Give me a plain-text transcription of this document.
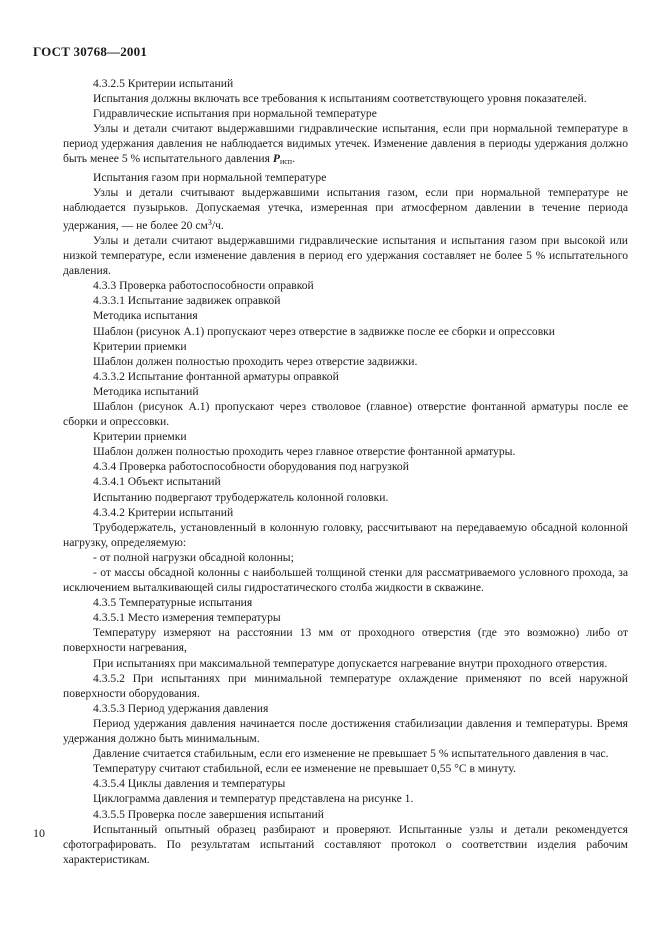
ГОСТ 30768—2001

4.3.2.5 Критерии испытаний

Испытания должны включать все требования к испытаниям соответствующего уровня показателей.

Гидравлические испытания при нормальной температуре

Узлы и детали считают выдержавшими гидравлические испытания, если при нормальной температуре в период удержания давления не наблюдается видимых утечек. Изменение давления в периоды удержания должно быть менее 5 % испытательного давления $P_{исп}$.

Испытания газом при нормальной температуре

Узлы и детали считывают выдержавшими испытания газом, если при нормальной температуре не наблюдается пузырьков. Допускаемая утечка, измеренная при атмосферном давлении в течение периода удержания, — не более 20 $см^3/ч$.

Узлы и детали считают выдержавшими гидравлические испытания и испытания газом при высокой или низкой температуре, если изменение давления в период его удержания составляет не более 5 % испытательного давления.

4.3.3 Проверка работоспособности оправкой

4.3.3.1 Испытание задвижек оправкой

Методика испытания

Шаблон (рисунок А.1) пропускают через отверстие в задвижке после ее сборки и опрессовки

Критерии приемки

Шаблон должен полностью проходить через отверстие задвижки.

4.3.3.2 Испытание фонтанной арматуры оправкой

Методика испытаний

Шаблон (рисунок А.1) пропускают через стволовое (главное) отверстие фонтанной арматуры после ее сборки и опрессовки.

Критерии приемки

Шаблон должен полностью проходить через главное отверстие фонтанной арматуры.

4.3.4 Проверка работоспособности оборудования под нагрузкой

4.3.4.1 Объект испытаний

Испытанию подвергают трубодержатель колонной головки.

4.3.4.2 Критерии испытаний

Трубодержатель, установленный в колонную головку, рассчитывают на передаваемую обсадной колонной нагрузку, определяемую:

- от полной нагрузки обсадной колонны;

- от массы обсадной колонны с наибольшей толщиной стенки для рассматриваемого условного прохода, за исключением выталкивающей силы гидростатического столба жидкости в скважине.

4.3.5 Температурные испытания

4.3.5.1 Место измерения температуры

Температуру измеряют на расстоянии 13 мм от проходного отверстия (где это возможно) либо от поверхности нагревания,

При испытаниях при максимальной температуре допускается нагревание внутри проходного отверстия.

4.3.5.2 При испытаниях при минимальной температуре охлаждение применяют по всей наружной поверхности оборудования.

4.3.5.3 Период удержания давления

Период удержания давления начинается после достижения стабилизации давления и температуры. Время удержания должно быть минимальным.

Давление считается стабильным, если его изменение не превышает 5 % испытательного давления в час.

Температуру считают стабильной, если ее изменение не превышает 0,55 °С в минуту.

4.3.5.4 Циклы давления и температуры

Циклограмма давления и температур представлена на рисунке 1.

4.3.5.5 Проверка после завершения испытаний

Испытанный опытный образец разбирают и проверяют. Испытанные узлы и детали рекомендуется сфотографировать. По результатам испытаний составляют протокол о соответствии изделия рабочим характеристикам.

10
